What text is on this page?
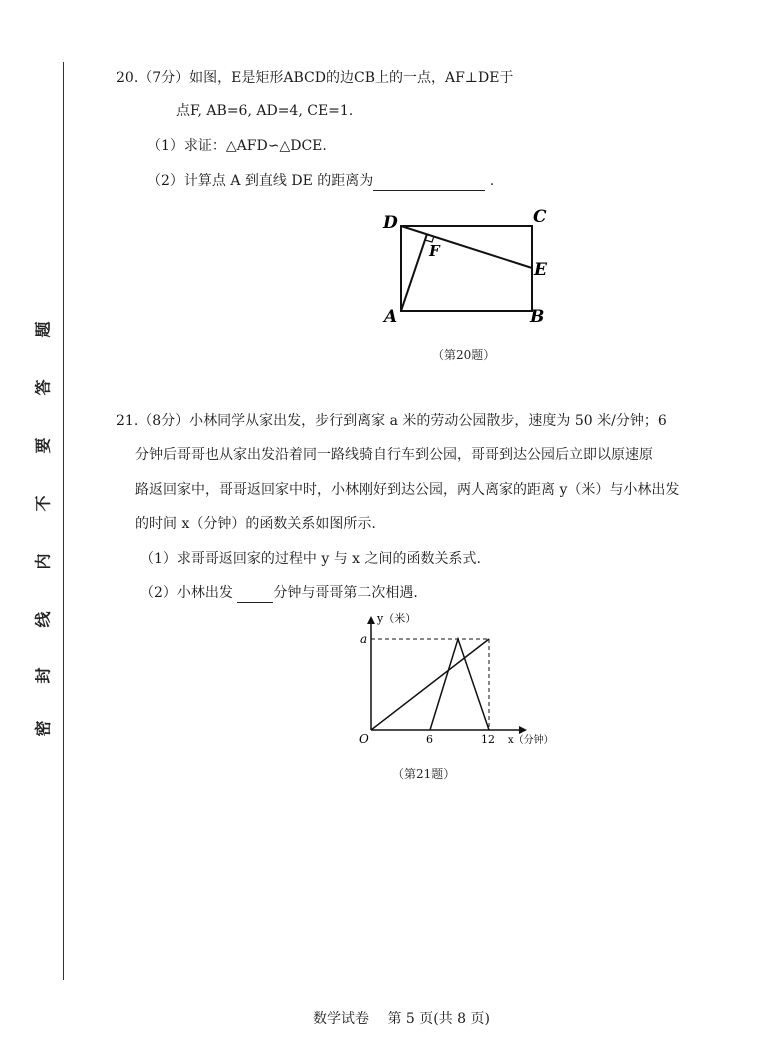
题
答
要
不
内
线
封
密
20.（7分）如图，E是矩形ABCD的边CB上的一点，AF⊥DE于
点F, AB=6, AD=4, CE=1.
（1）求证：△AFD∽△DCE.
（2）计算点 A 到直线 DE 的距离为	.
D	C
F
E
A	B
（第20题）
21.（8分）小林同学从家出发，步行到离家 a 米的劳动公园散步，速度为 50 米/分钟；6
分钟后哥哥也从家出发沿着同一路线骑自行车到公园，哥哥到达公园后立即以原速原
路返回家中，哥哥返回家中时，小林刚好到达公园，两人离家的距离 y（米）与小林出发
的时间 x（分钟）的函数关系如图所示.
（1）求哥哥返回家的过程中 y 与 x 之间的函数关系式.
（2）小林出发	分钟与哥哥第二次相遇.
y（米）
a
O	6	12 x（分钟）
（第21题）
数学试卷　 第 5 页(共 8 页)
